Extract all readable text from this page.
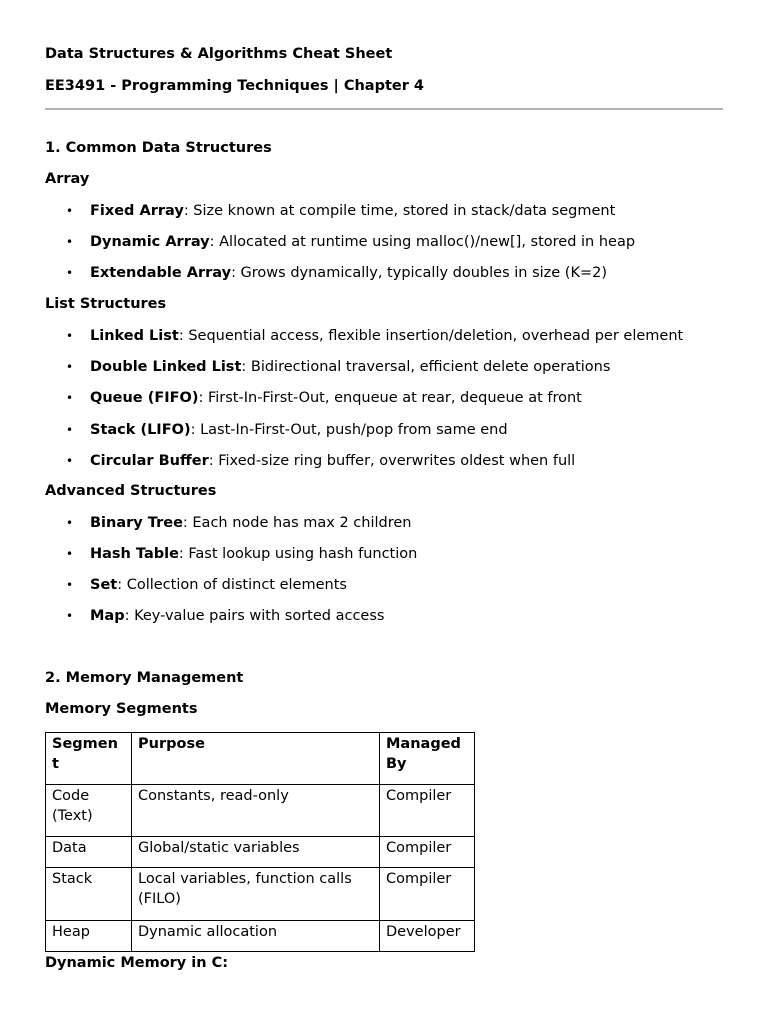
Data Structures & Algorithms Cheat Sheet
EE3491 - Programming Techniques | Chapter 4
1. Common Data Structures
Array
• Fixed Array: Size known at compile time, stored in stack/data segment
• Dynamic Array: Allocated at runtime using malloc()/new[], stored in heap
• Extendable Array: Grows dynamically, typically doubles in size (K=2)
List Structures
• Linked List: Sequential access, flexible insertion/deletion, overhead per element
• Double Linked List: Bidirectional traversal, efficient delete operations
• Queue (FIFO): First-In-First-Out, enqueue at rear, dequeue at front
• Stack (LIFO): Last-In-First-Out, push/pop from same end
• Circular Buffer: Fixed-size ring buffer, overwrites oldest when full
Advanced Structures
• Binary Tree: Each node has max 2 children
• Hash Table: Fast lookup using hash function
• Set: Collection of distinct elements
• Map: Key-value pairs with sorted access
2. Memory Management
Memory Segments
Segmen t	Purpose	Managed By
Code (Text)	Constants, read-only	Compiler
Data	Global/static variables	Compiler
Stack	Local variables, function calls (FILO)	Compiler
Heap	Dynamic allocation	Developer
Dynamic Memory in C:
